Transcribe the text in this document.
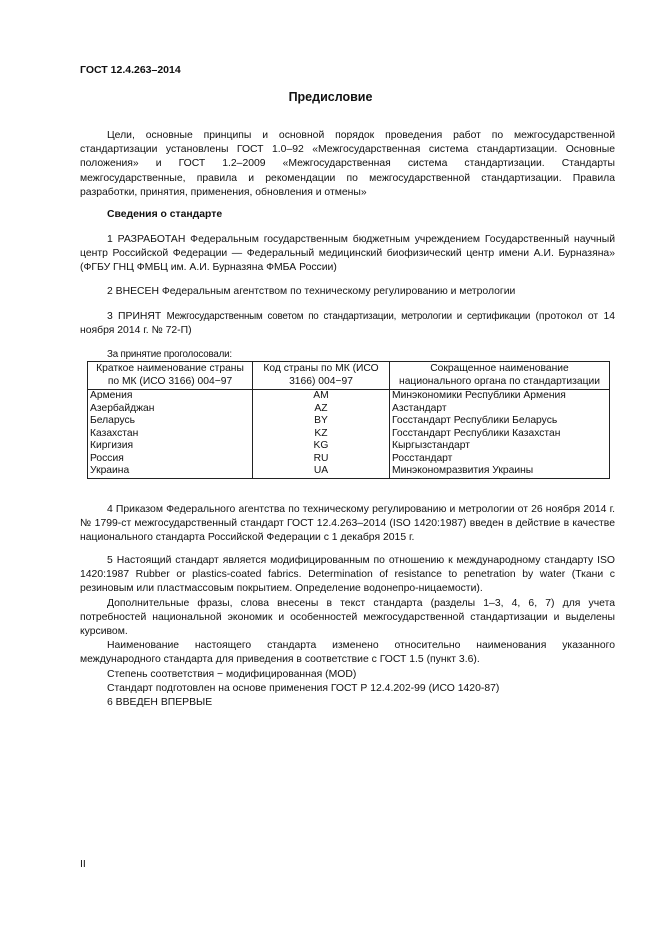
ГОСТ 12.4.263–2014
Предисловие
Цели, основные принципы и основной порядок проведения работ по межгосударственной стандартизации установлены ГОСТ 1.0–92 «Межгосударственная система стандартизации. Основные положения» и ГОСТ 1.2–2009 «Межгосударственная система стандартизации. Стандарты межгосударственные, правила и рекомендации по межгосударственной стандартизации. Правила разработки, принятия, применения, обновления и отмены»
Сведения о стандарте
1 РАЗРАБОТАН Федеральным государственным бюджетным учреждением Государственный научный центр Российской Федерации — Федеральный медицинский биофизический центр имени А.И. Бурназяна» (ФГБУ ГНЦ ФМБЦ им. А.И. Бурназяна ФМБА России)
2 ВНЕСЕН Федеральным агентством по техническому регулированию и метрологии
3 ПРИНЯТ Межгосударственным советом по стандартизации, метрологии и сертификации (протокол от 14 ноября 2014 г. № 72-П)
За принятие проголосовали:
Краткое наименование страны по МК (ИСО 3166) 004−97	Код страны по МК (ИСО 3166) 004−97	Сокращенное наименование национального органа по стандартизации
Армения	AM	Минэкономики Республики Армения
Азербайджан	AZ	Азстандарт
Беларусь	BY	Госстандарт Республики Беларусь
Казахстан	KZ	Госстандарт Республики Казахстан
Киргизия	KG	Кыргызстандарт
Россия	RU	Росстандарт
Украина	UA	Минэкономразвития Украины
4 Приказом Федерального агентства по техническому регулированию и метрологии от 26 ноября 2014 г. № 1799-ст межгосударственный стандарт ГОСТ 12.4.263–2014 (ISO 1420:1987) введен в действие в качестве национального стандарта Российской Федерации с 1 декабря 2015 г.
5 Настоящий стандарт является модифицированным по отношению к международному стандарту ISO 1420:1987 Rubber or plastics-coated fabrics. Determination of resistance to penetration by water (Ткани с резиновым или пластмассовым покрытием. Определение водонепро-ницаемости).
Дополнительные фразы, слова внесены в текст стандарта (разделы 1–3, 4, 6, 7) для учета потребностей национальной экономик и особенностей межгосударственной стандартизации и выделены курсивом.
Наименование настоящего стандарта изменено относительно наименования указанного международного стандарта для приведения в соответствие с ГОСТ 1.5 (пункт 3.6).
Степень соответствия − модифицированная (MOD)
Стандарт подготовлен на основе применения ГОСТ Р 12.4.202-99 (ИСО 1420-87)
6 ВВЕДЕН ВПЕРВЫЕ
II
